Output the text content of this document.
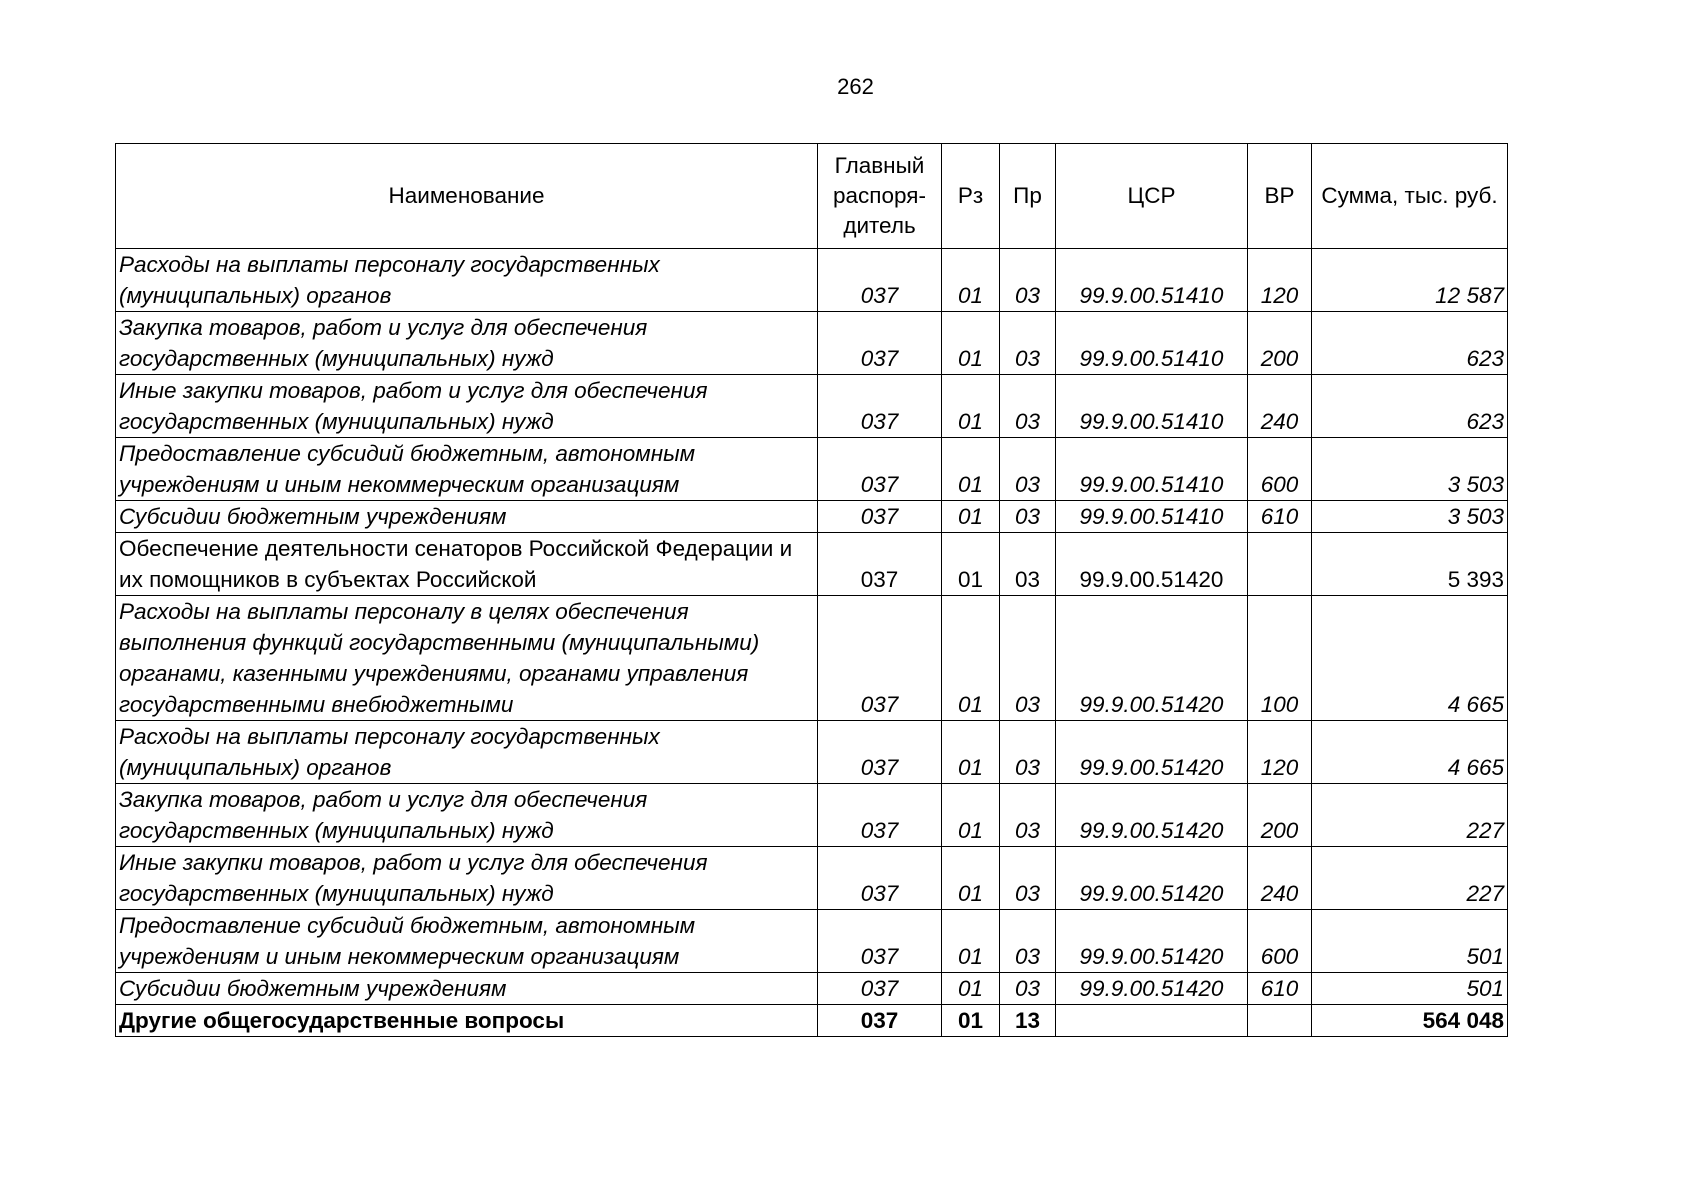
262
Наименование	Главный распоря-дитель	Рз	Пр	ЦСР	ВР	Сумма, тыс. руб.
Расходы на выплаты персоналу государственных (муниципальных) органов	037	01	03	99.9.00.51410	120	12 587
Закупка товаров, работ и услуг для обеспечения государственных (муниципальных) нужд	037	01	03	99.9.00.51410	200	623
Иные закупки товаров, работ и услуг для обеспечения государственных (муниципальных) нужд	037	01	03	99.9.00.51410	240	623
Предоставление субсидий бюджетным, автономным учреждениям и иным некоммерческим организациям	037	01	03	99.9.00.51410	600	3 503
Субсидии бюджетным учреждениям	037	01	03	99.9.00.51410	610	3 503
Обеспечение деятельности сенаторов Российской Федерации и их помощников в субъектах Российской	037	01	03	99.9.00.51420		5 393
Расходы на выплаты персоналу в целях обеспечения выполнения функций государственными (муниципальными) органами, казенными учреждениями, органами управления государственными внебюджетными	037	01	03	99.9.00.51420	100	4 665
Расходы на выплаты персоналу государственных (муниципальных) органов	037	01	03	99.9.00.51420	120	4 665
Закупка товаров, работ и услуг для обеспечения государственных (муниципальных) нужд	037	01	03	99.9.00.51420	200	227
Иные закупки товаров, работ и услуг для обеспечения государственных (муниципальных) нужд	037	01	03	99.9.00.51420	240	227
Предоставление субсидий бюджетным, автономным учреждениям и иным некоммерческим организациям	037	01	03	99.9.00.51420	600	501
Субсидии бюджетным учреждениям	037	01	03	99.9.00.51420	610	501
Другие общегосударственные вопросы	037	01	13			564 048
